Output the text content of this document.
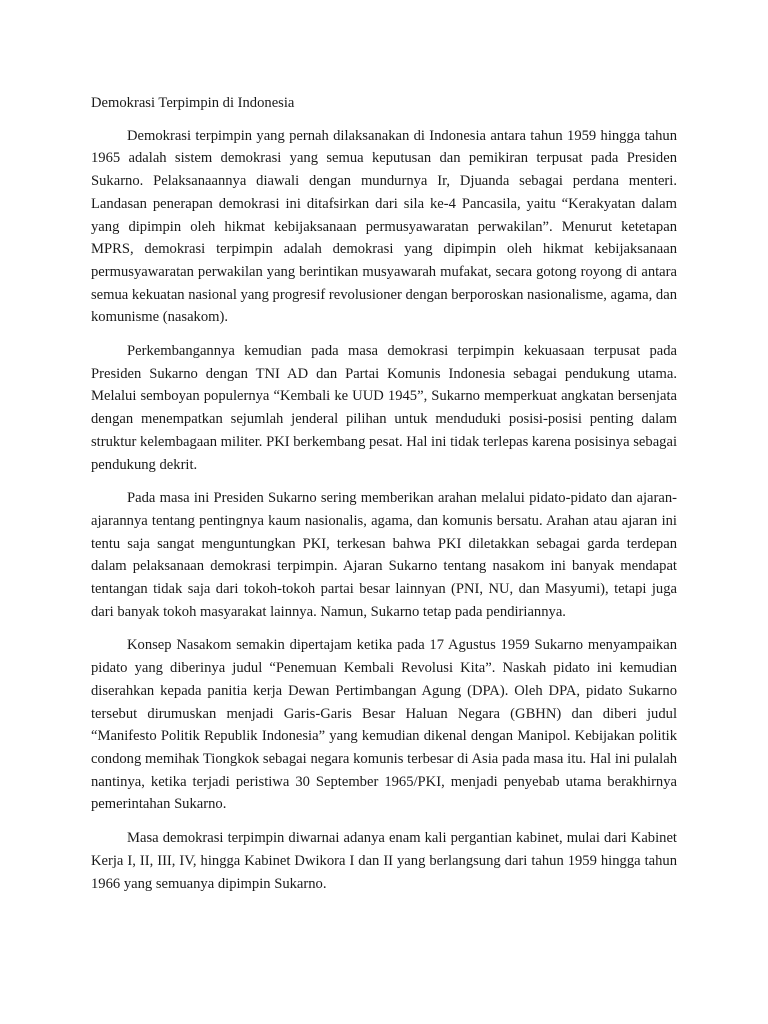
Demokrasi Terpimpin di Indonesia

Demokrasi terpimpin yang pernah dilaksanakan di Indonesia antara tahun 1959 hingga tahun 1965 adalah sistem demokrasi yang semua keputusan dan pemikiran terpusat pada Presiden Sukarno. Pelaksanaannya diawali dengan mundurnya Ir, Djuanda sebagai perdana menteri. Landasan penerapan demokrasi ini ditafsirkan dari sila ke-4 Pancasila, yaitu “Kerakyatan dalam yang dipimpin oleh hikmat kebijaksanaan permusyawaratan perwakilan”. Menurut ketetapan MPRS, demokrasi terpimpin adalah demokrasi yang dipimpin oleh hikmat kebijaksanaan permusyawaratan perwakilan yang berintikan musyawarah mufakat, secara gotong royong di antara semua kekuatan nasional yang progresif revolusioner dengan berporoskan nasionalisme, agama, dan komunisme (nasakom).

Perkembangannya kemudian pada masa demokrasi terpimpin kekuasaan terpusat pada Presiden Sukarno dengan TNI AD dan Partai Komunis Indonesia sebagai pendukung utama. Melalui semboyan populernya “Kembali ke UUD 1945”, Sukarno memperkuat angkatan bersenjata dengan menempatkan sejumlah jenderal pilihan untuk menduduki posisi-posisi penting dalam struktur kelembagaan militer. PKI berkembang pesat. Hal ini tidak terlepas karena posisinya sebagai pendukung dekrit.

Pada masa ini Presiden Sukarno sering memberikan arahan melalui pidato-pidato dan ajaran-ajarannya tentang pentingnya kaum nasionalis, agama, dan komunis bersatu. Arahan atau ajaran ini tentu saja sangat menguntungkan PKI, terkesan bahwa PKI diletakkan sebagai garda terdepan dalam pelaksanaan demokrasi terpimpin. Ajaran Sukarno tentang nasakom ini banyak mendapat tentangan tidak saja dari tokoh-tokoh partai besar lainnyan (PNI, NU, dan Masyumi), tetapi juga dari banyak tokoh masyarakat lainnya. Namun, Sukarno tetap pada pendiriannya.

Konsep Nasakom semakin dipertajam ketika pada 17 Agustus 1959 Sukarno menyampaikan pidato yang diberinya judul “Penemuan Kembali Revolusi Kita”. Naskah pidato ini kemudian diserahkan kepada panitia kerja Dewan Pertimbangan Agung (DPA). Oleh DPA, pidato Sukarno tersebut dirumuskan menjadi Garis-Garis Besar Haluan Negara (GBHN) dan diberi judul “Manifesto Politik Republik Indonesia” yang kemudian dikenal dengan Manipol. Kebijakan politik condong memihak Tiongkok sebagai negara komunis terbesar di Asia pada masa itu. Hal ini pulalah nantinya, ketika terjadi peristiwa 30 September 1965/PKI, menjadi penyebab utama berakhirnya pemerintahan Sukarno.

Masa demokrasi terpimpin diwarnai adanya enam kali pergantian kabinet, mulai dari Kabinet Kerja I, II, III, IV, hingga Kabinet Dwikora I dan II yang berlangsung dari tahun 1959 hingga tahun 1966 yang semuanya dipimpin Sukarno.
